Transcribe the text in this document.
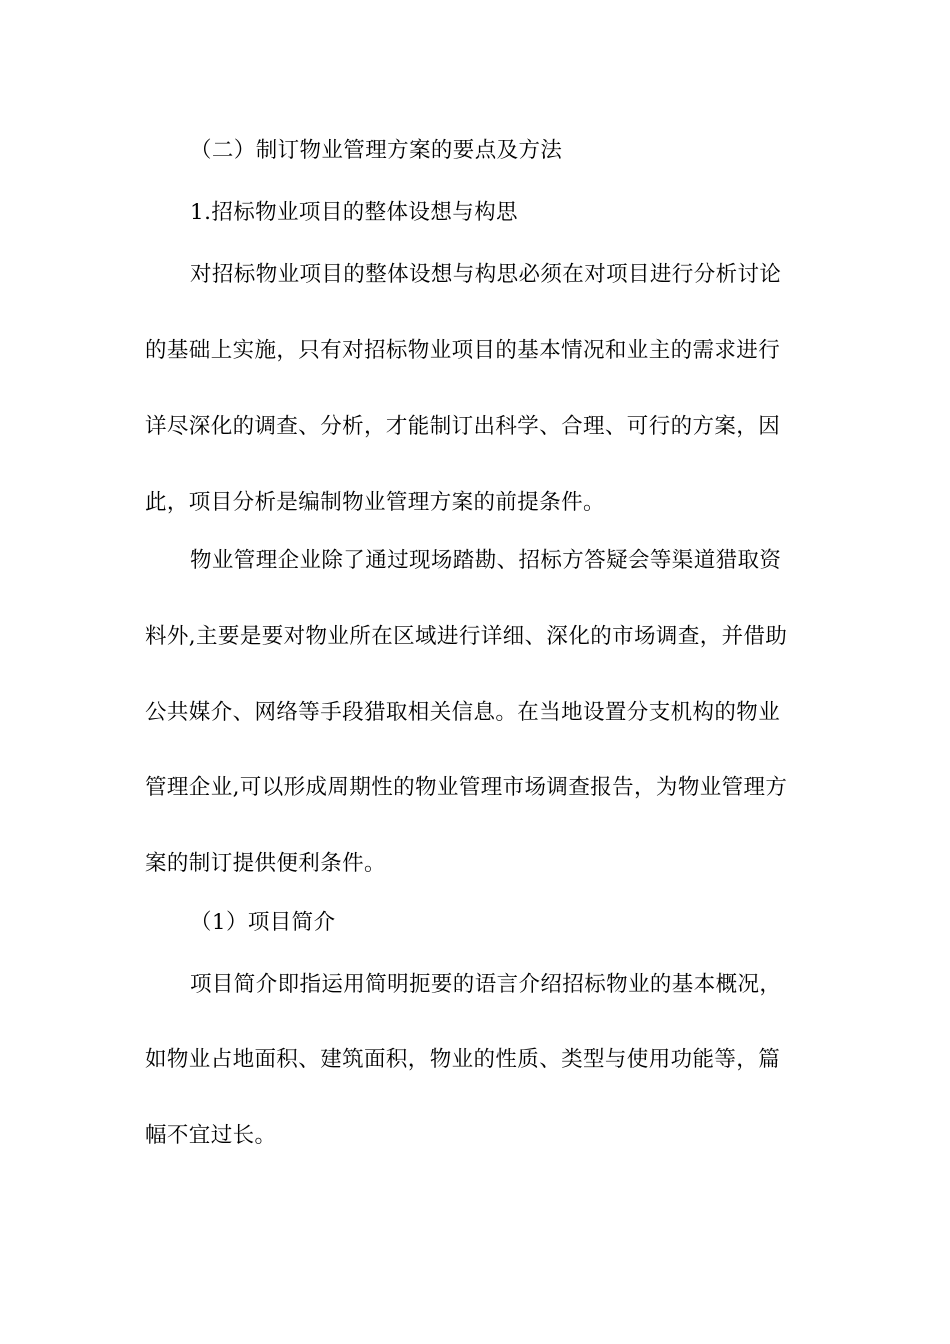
（二）制订物业管理方案的要点及方法
1.招标物业项目的整体设想与构思
对招标物业项目的整体设想与构思必须在对项目进行分析讨论
的基础上实施，只有对招标物业项目的基本情况和业主的需求进行
详尽深化的调查、分析，才能制订出科学、合理、可行的方案，因
此，项目分析是编制物业管理方案的前提条件。
物业管理企业除了通过现场踏勘、招标方答疑会等渠道猎取资
料外,主要是要对物业所在区域进行详细、深化的市场调查，并借助
公共媒介、网络等手段猎取相关信息。在当地设置分支机构的物业
管理企业,可以形成周期性的物业管理市场调查报告，为物业管理方
案的制订提供便利条件。
（1）项目简介
项目简介即指运用简明扼要的语言介绍招标物业的基本概况，
如物业占地面积、建筑面积，物业的性质、类型与使用功能等，篇
幅不宜过长。
